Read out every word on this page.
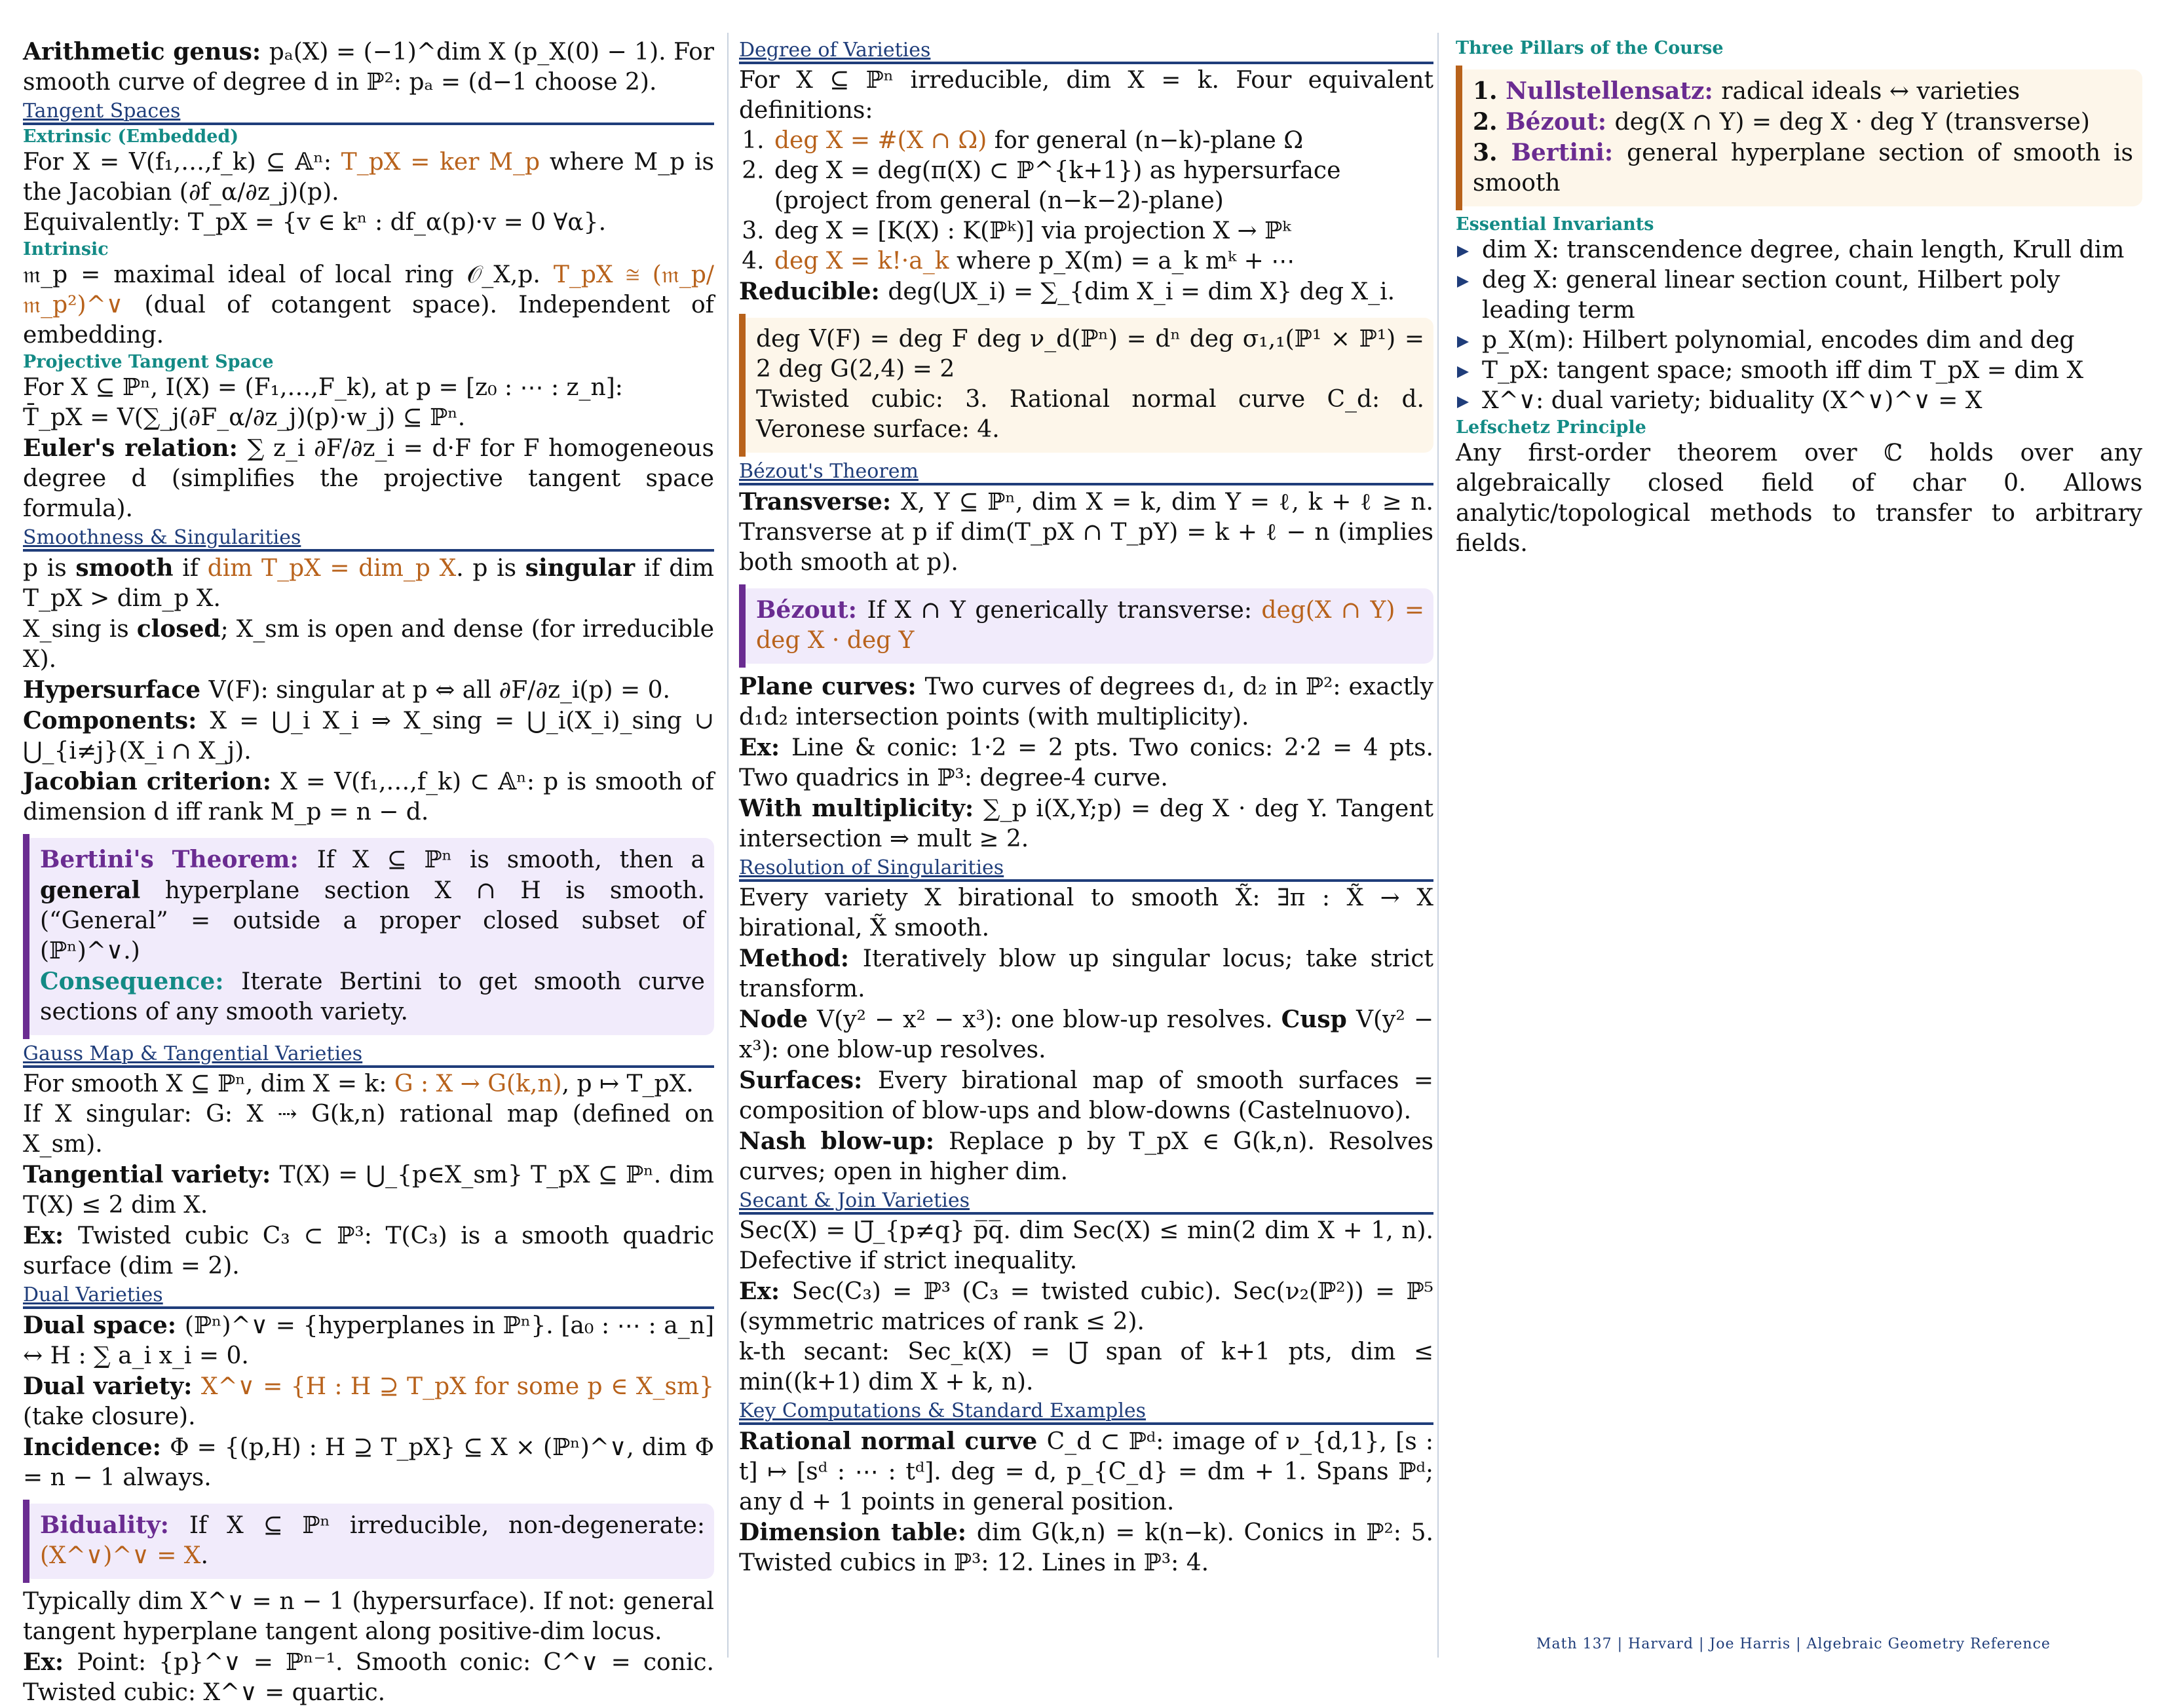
Arithmetic genus: pₐ(X) = (−1)^dim X (p_X(0) − 1). For smooth curve of degree d in ℙ²: pₐ = (d−1 choose 2).

Tangent Spaces
Extrinsic (Embedded)

For X = V(f₁,…,f_k) ⊆ 𝔸ⁿ: T_pX = ker M_p where M_p is the Jacobian (∂f_α/∂z_j)(p).

Equivalently: T_pX = {v ∈ kⁿ : df_α(p)·v = 0 ∀α}.

Intrinsic

𝔪_p = maximal ideal of local ring 𝒪_X,p. T_pX ≅ (𝔪_p/𝔪_p²)^∨ (dual of cotangent space). Independent of embedding.

Projective Tangent Space

For X ⊆ ℙⁿ, I(X) = (F₁,…,F_k), at p = [z₀ : ⋯ : z_n]:

T̄_pX = V(∑_j(∂F_α/∂z_j)(p)·w_j) ⊆ ℙⁿ.

Euler's relation: ∑ z_i ∂F/∂z_i = d·F for F homogeneous degree d (simplifies the projective tangent space formula).

Smoothness & Singularities

p is smooth if dim T_pX = dim_p X. p is singular if dim T_pX > dim_p X.

X_sing is closed; X_sm is open and dense (for irreducible X).

Hypersurface V(F): singular at p ⇔ all ∂F/∂z_i(p) = 0.

Components: X = ⋃_i X_i ⇒ X_sing = ⋃_i(X_i)_sing ∪ ⋃_{i≠j}(X_i ∩ X_j).

Jacobian criterion: X = V(f₁,…,f_k) ⊂ 𝔸ⁿ: p is smooth of dimension d iff rank M_p = n − d.

Bertini's Theorem: If X ⊆ ℙⁿ is smooth, then a general hyperplane section X ∩ H is smooth. (“General” = outside a proper closed subset of (ℙⁿ)^∨.)

Consequence: Iterate Bertini to get smooth curve sections of any smooth variety.

Gauss Map & Tangential Varieties

For smooth X ⊆ ℙⁿ, dim X = k: G : X → G(k,n), p ↦ T_pX.

If X singular: G: X ⇢ G(k,n) rational map (defined on X_sm).

Tangential variety: T(X) = ⋃_{p∈X_sm} T_pX ⊆ ℙⁿ. dim T(X) ≤ 2 dim X.

Ex: Twisted cubic C₃ ⊂ ℙ³: T(C₃) is a smooth quadric surface (dim = 2).

Dual Varieties

Dual space: (ℙⁿ)^∨ = {hyperplanes in ℙⁿ}. [a₀ : ⋯ : a_n] ↔ H : ∑ a_i x_i = 0.

Dual variety: X^∨ = {H : H ⊇ T_pX for some p ∈ X_sm} (take closure).

Incidence: Φ = {(p,H) : H ⊇ T_pX} ⊆ X × (ℙⁿ)^∨, dim Φ = n − 1 always.

Biduality: If X ⊆ ℙⁿ irreducible, non-degenerate: (X^∨)^∨ = X.

Typically dim X^∨ = n − 1 (hypersurface). If not: general tangent hyperplane tangent along positive-dim locus.

Ex: Point: {p}^∨ = ℙⁿ⁻¹. Smooth conic: C^∨ = conic. Twisted cubic: X^∨ = quartic.

Degree of Varieties

For X ⊆ ℙⁿ irreducible, dim X = k. Four equivalent definitions:

1. deg X = #(X ∩ Ω) for general (n−k)-plane Ω
2. deg X = deg(π(X) ⊂ ℙ^{k+1}) as hypersurface (project from general (n−k−2)-plane)
3. deg X = [K(X) : K(ℙᵏ)] via projection X → ℙᵏ
4. deg X = k!·a_k where p_X(m) = a_k mᵏ + ⋯

Reducible: deg(⋃X_i) = ∑_{dim X_i = dim X} deg X_i.

deg V(F) = deg F deg ν_d(ℙⁿ) = dⁿ deg σ₁,₁(ℙ¹ × ℙ¹) = 2 deg G(2,4) = 2

Twisted cubic: 3. Rational normal curve C_d: d. Veronese surface: 4.

Bézout's Theorem

Transverse: X, Y ⊆ ℙⁿ, dim X = k, dim Y = ℓ, k + ℓ ≥ n. Transverse at p if dim(T_pX ∩ T_pY) = k + ℓ − n (implies both smooth at p).

Bézout: If X ∩ Y generically transverse: deg(X ∩ Y) = deg X · deg Y

Plane curves: Two curves of degrees d₁, d₂ in ℙ²: exactly d₁d₂ intersection points (with multiplicity).

Ex: Line & conic: 1·2 = 2 pts. Two conics: 2·2 = 4 pts. Two quadrics in ℙ³: degree-4 curve.

With multiplicity: ∑_p i(X,Y;p) = deg X · deg Y. Tangent intersection ⇒ mult ≥ 2.

Resolution of Singularities

Every variety X birational to smooth X̃: ∃π : X̃ → X birational, X̃ smooth.

Method: Iteratively blow up singular locus; take strict transform.

Node V(y² − x² − x³): one blow-up resolves. Cusp V(y² − x³): one blow-up resolves.

Surfaces: Every birational map of smooth surfaces = composition of blow-ups and blow-downs (Castelnuovo).

Nash blow-up: Replace p by T_pX ∈ G(k,n). Resolves curves; open in higher dim.

Secant & Join Varieties

Sec(X) = ⋃̅_{p≠q} p̅q̅. dim Sec(X) ≤ min(2 dim X + 1, n). Defective if strict inequality.

Ex: Sec(C₃) = ℙ³ (C₃ = twisted cubic). Sec(ν₂(ℙ²)) = ℙ⁵ (symmetric matrices of rank ≤ 2).

k-th secant: Sec_k(X) = ⋃̅ span of k+1 pts, dim ≤ min((k+1) dim X + k, n).

Key Computations & Standard Examples

Rational normal curve C_d ⊂ ℙᵈ: image of ν_{d,1}, [s : t] ↦ [sᵈ : ⋯ : tᵈ]. deg = d, p_{C_d} = dm + 1. Spans ℙᵈ; any d + 1 points in general position.

Dimension table: dim G(k,n) = k(n−k). Conics in ℙ²: 5. Twisted cubics in ℙ³: 12. Lines in ℙ³: 4.

Three Pillars of the Course

1. Nullstellensatz: radical ideals ↔ varieties

2. Bézout: deg(X ∩ Y) = deg X · deg Y (transverse)

3. Bertini: general hyperplane section of smooth is smooth

Essential Invariants
dim X: transcendence degree, chain length, Krull dim
deg X: general linear section count, Hilbert poly leading term
p_X(m): Hilbert polynomial, encodes dim and deg
T_pX: tangent space; smooth iff dim T_pX = dim X
X^∨: dual variety; biduality (X^∨)^∨ = X
Lefschetz Principle

Any first-order theorem over ℂ holds over any algebraically closed field of char 0. Allows analytic/topological methods to transfer to arbitrary fields.

Math 137 | Harvard | Joe Harris | Algebraic Geometry Reference
